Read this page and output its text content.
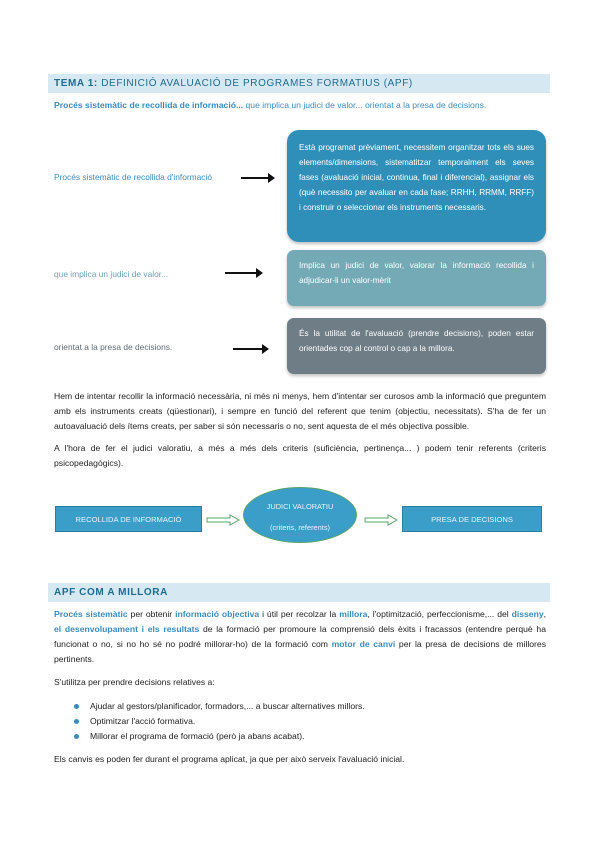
TEMA 1: DEFINICIÓ AVALUACIÓ DE PROGRAMES FORMATIUS (APF)
Procés sistemàtic de recollida de informació... que implica un judici de valor... orientat a la presa de decisions.
Procés sistemàtic de recollida d'informació
Està programat prèviament, necessitem organitzar tots els sues elements/dimensions, sistematitzar temporalment els seves fases (avaluació inicial, continua, final i diferencial), assignar els (què necessito per avaluar en cada fase; RRHH, RRMM, RRFF) i construir o seleccionar els instruments necessaris.
que implica un judici de valor...
Implica un judici de valor, valorar la informació recollida i adjudicar-li un valor-mèrit
orientat a la presa de decisions.
És la utilitat de l'avaluació (prendre decisions), poden estar orientades cop al control o cap a la millora.
Hem de intentar recollir la informació necessària, ni més ni menys, hem d'intentar ser curosos amb la informació que preguntem amb els instruments creats (qüestionari), i sempre en funció del referent que tenim (objectiu, necessitats). S'ha de fer un autoavaluació dels ítems creats, per saber si són necessaris o no, sent aquesta de el més objectiva possible.
A l'hora de fer el judici valoratiu, a més a més dels criteris (suficiència, pertinença... ) podem tenir referents (criteris psicopedagògics).
RECOLLIDA DE INFORMACIÓ
JUDICI VALORATIU
(criteris, referents)
PRESA DE DECISIONS
APF COM A MILLORA
Procés sistemàtic per obtenir informació objectiva i útil per recolzar la millora, l'optimització, perfeccionisme,... del disseny, el desenvolupament i els resultats de la formació per promoure la comprensió dels èxits i fracassos (entendre perquè ha funcionat o no, si no ho sé no podré millorar-ho) de la formació com motor de canvi per la presa de decisions de millores pertinents.
S'utilitza per prendre decisions relatives a:
Ajudar al gestors/planificador, formadors,... a buscar alternatives millors.
Optimitzar l'acció formativa.
Millorar el programa de formació (però ja abans acabat).
Els canvis es poden fer durant el programa aplicat, ja que per això serveix l'avaluació inicial.
